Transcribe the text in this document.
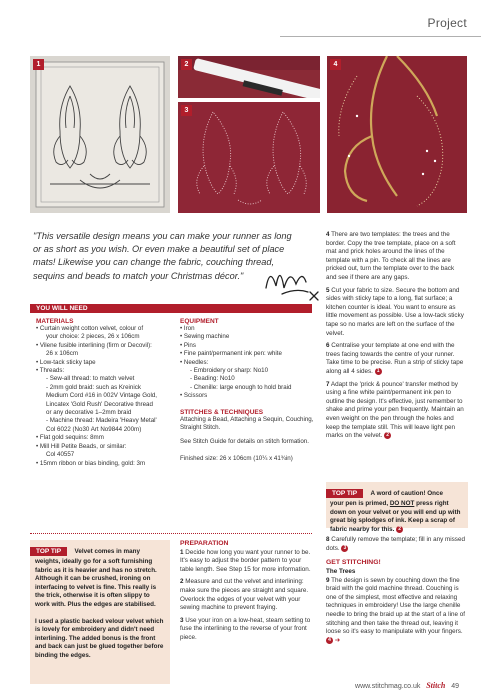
Project
1	2
3
4

"This versatile design means you can make your runner as long or as short as you wish. Or even make a beautiful set of place mats! Likewise you can change the fabric, couching thread, sequins and beads to match your Christmas décor."

YOU WILL NEED
MATERIALS
• Curtain weight cotton velvet, colour of
your choice: 2 pieces, 26 x 106cm
• Vilene fusible interlining (firm or Decovil):
26 x 106cm
• Low-tack sticky tape
• Threads:
- Sew-all thread: to match velvet
- 2mm gold braid: such as Kreinick
Medium Cord #16 in 002V Vintage Gold,
Lincatex 'Gold Rush' Decorative thread
or any decorative 1–2mm braid
- Machine thread: Madeira 'Heavy Metal'
Col 6022 (No30 Art No9844 200m)
• Flat gold sequins: 8mm
• Mill Hill Petite Beads, or similar:
Col 40557
• 15mm ribbon or bias binding, gold: 3m
EQUIPMENT
• Iron
• Sewing machine
• Pins
• Fine paint/permanent ink pen: white
• Needles:
- Embroidery or sharp: No10
- Beading: No10
- Chenille: large enough to hold braid
• Scissors
STITCHES & TECHNIQUES

Attaching a Bead, Attaching a Sequin, Couching, Straight Stitch.

See Stitch Guide for details on stitch formation.

Finished size: 26 x 106cm (10¼ x 41¾in)

TOP TIP Velvet comes in many

weights, ideally go for a soft furnishing fabric as it is heavier and has no stretch. Although it can be crushed, ironing on interfacing to velvet is fine. This really is the trick, otherwise it is often slippy to work with. Plus the edges are stabilised.

I used a plastic backed velour velvet which is lovely for embroidery and didn't need interlining. The added bonus is the front and back can just be glued together before binding the edges.

PREPARATION

1 Decide how long you want your runner to be. It's easy to adjust the border pattern to your table length. See Step 15 for more information.

2 Measure and cut the velvet and interlining: make sure the pieces are straight and square. Overlock the edges of your velvet with your sewing machine to prevent fraying.

3 Use your iron on a low-heat, steam setting to fuse the interlining to the reverse of your front piece.

4 There are two templates: the trees and the border. Copy the tree template, place on a soft mat and prick holes around the lines of the template with a pin. To check all the lines are pricked out, turn the template over to the back and see if there are any gaps.

5 Cut your fabric to size. Secure the bottom and sides with sticky tape to a long, flat surface; a kitchen counter is ideal. You want to ensure as little movement as possible. Use a low-tack sticky tape so no marks are left on the surface of the velvet.

6 Centralise your template at one end with the trees facing towards the centre of your runner. Take time to be precise. Run a strip of sticky tape along all 4 sides. 1

7 Adapt the 'prick & pounce' transfer method by using a fine white paint/permanent ink pen to outline the design. It's effective, just remember to shake and prime your pen frequently. Maintain an even weight on the pen through the holes and keep the template still. This will leave light pen marks on the velvet. 2

TOP TIP A word of caution! Once

your pen is primed, DO NOT press right down on your velvet or you will end up with great big splodges of ink. Keep a scrap of fabric nearby for this. 2

8 Carefully remove the template; fill in any missed dots. 3

GET STITCHING!
The Trees

9 The design is sewn by couching down the fine braid with the gold machine thread. Couching is one of the simplest, most effective and relaxing techniques in embroidery! Use the large chenille needle to bring the braid up at the start of a line of stitching and then take the thread out, leaving it loose so it's easy to manipulate with your fingers. 4 ➜

www.stitchmag.co.uk Stitch 49
